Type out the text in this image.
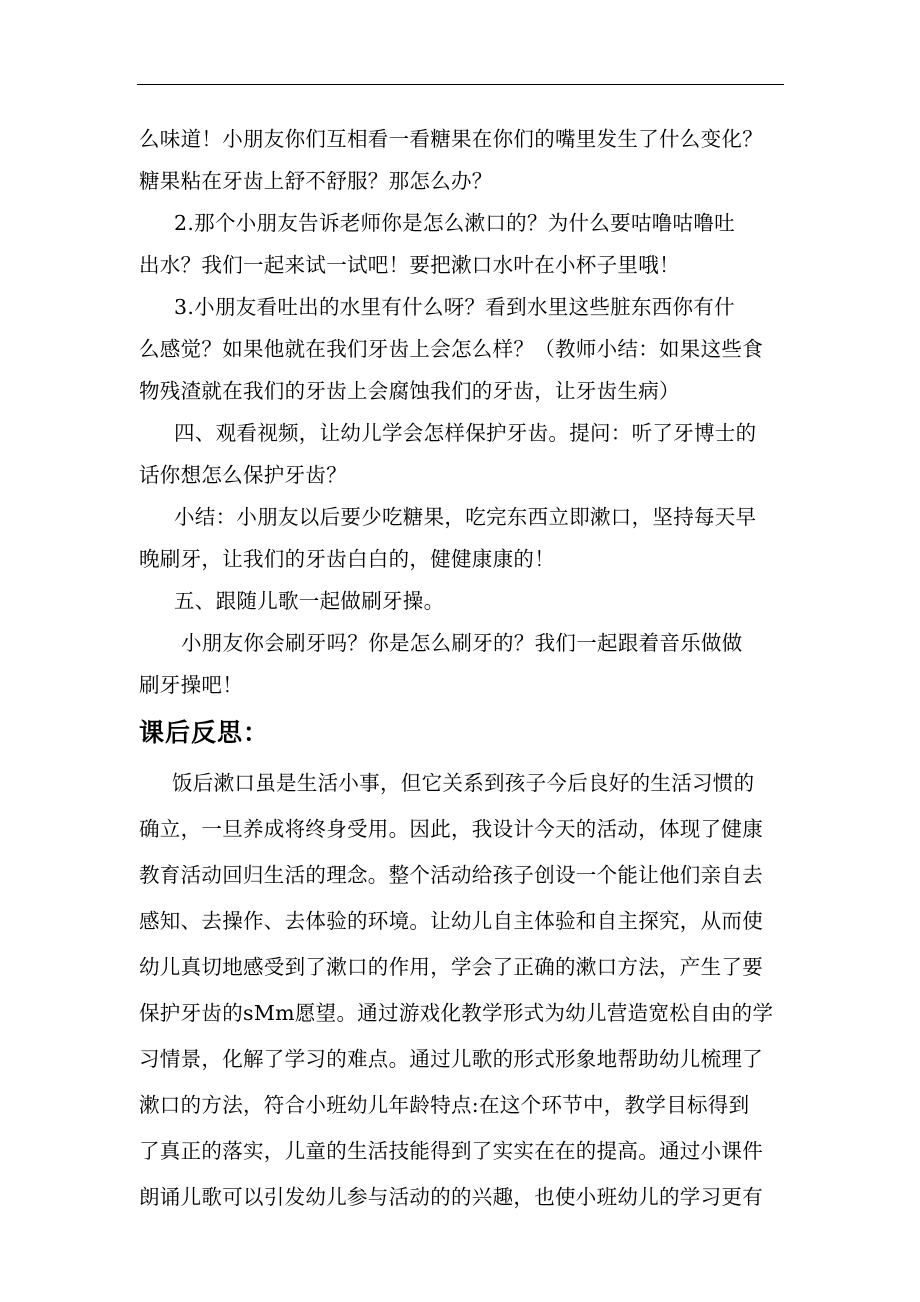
么味道！小朋友你们互相看一看糖果在你们的嘴里发生了什么变化？
糖果粘在牙齿上舒不舒服？那怎么办？
2.那个小朋友告诉老师你是怎么漱口的？为什么要咕噜咕噜吐
出水？我们一起来试一试吧！要把漱口水叶在小杯子里哦！
3.小朋友看吐出的水里有什么呀？看到水里这些脏东西你有什
么感觉？如果他就在我们牙齿上会怎么样？（教师小结：如果这些食
物残渣就在我们的牙齿上会腐蚀我们的牙齿，让牙齿生病）
四、观看视频，让幼儿学会怎样保护牙齿。提问：听了牙博士的
话你想怎么保护牙齿？
小结：小朋友以后要少吃糖果，吃完东西立即漱口，坚持每天早
晚刷牙，让我们的牙齿白白的，健健康康的！
五、跟随儿歌一起做刷牙操。
小朋友你会刷牙吗？你是怎么刷牙的？我们一起跟着音乐做做
刷牙操吧！
课后反思：
饭后漱口虽是生活小事，但它关系到孩子今后良好的生活习惯的
确立，一旦养成将终身受用。因此，我设计今天的活动，体现了健康
教育活动回归生活的理念。整个活动给孩子创设一个能让他们亲自去
感知、去操作、去体验的环境。让幼儿自主体验和自主探究，从而使
幼儿真切地感受到了漱口的作用，学会了正确的漱口方法，产生了要
保护牙齿的sMm愿望。通过游戏化教学形式为幼儿营造宽松自由的学
习情景，化解了学习的难点。通过儿歌的形式形象地帮助幼儿梳理了
漱口的方法，符合小班幼儿年龄特点:在这个环节中，教学目标得到
了真正的落实，儿童的生活技能得到了实实在在的提高。通过小课件
朗诵儿歌可以引发幼儿参与活动的的兴趣，也使小班幼儿的学习更有
